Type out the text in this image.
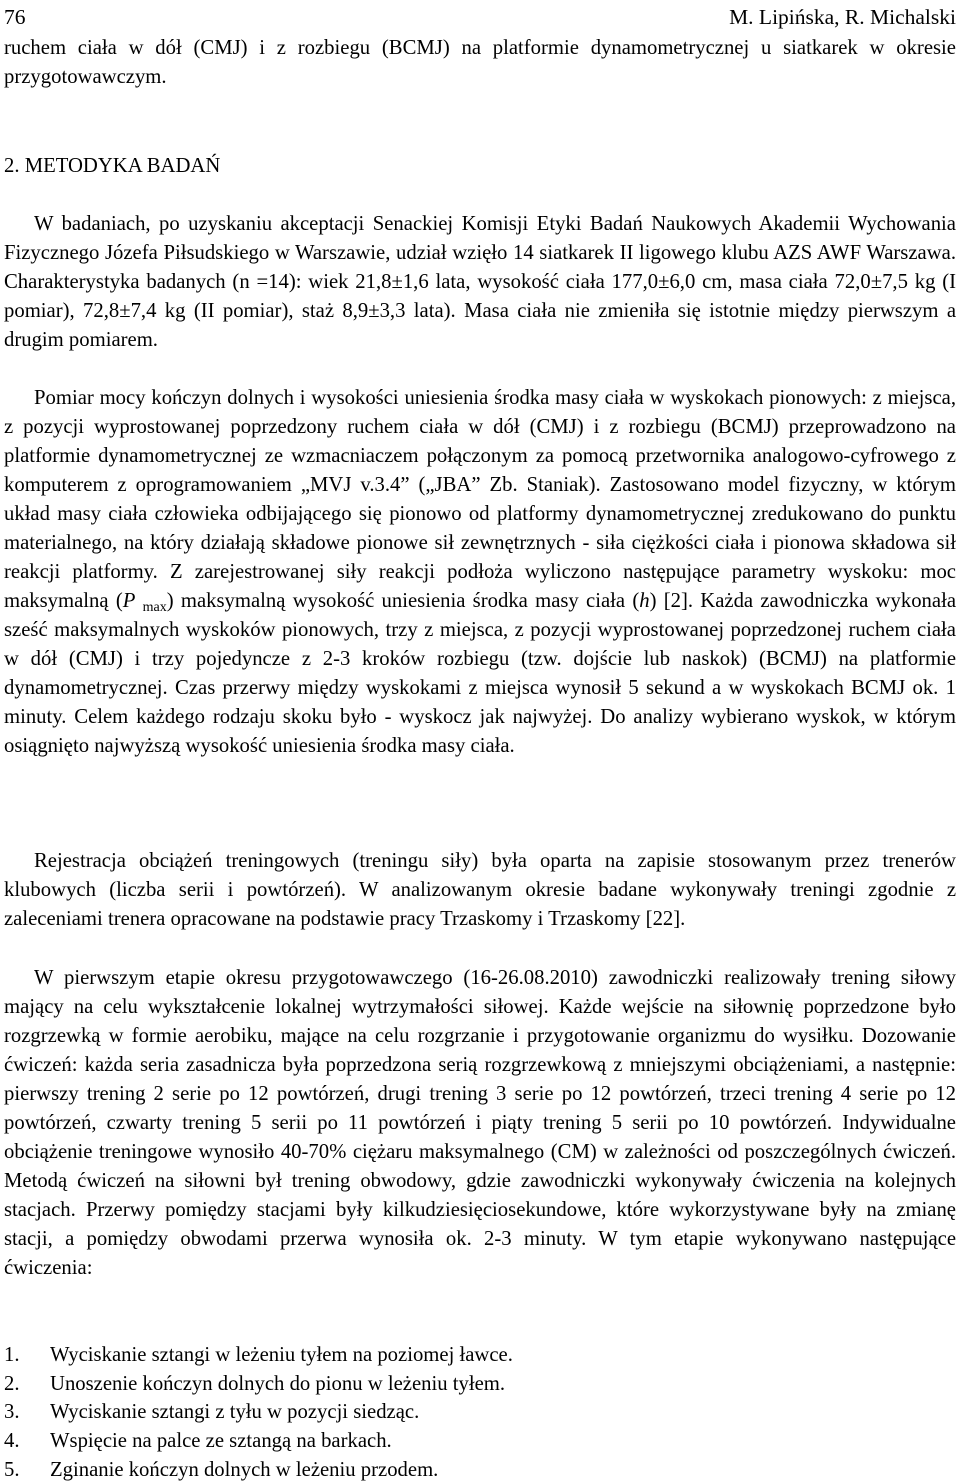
76	M. Lipińska, R. Michalski
ruchem ciała w dół (CMJ) i z rozbiegu (BCMJ) na platformie dynamometrycznej u siatkarek w okresie przygotowawczym.
2. METODYKA BADAŃ
W badaniach, po uzyskaniu akceptacji Senackiej Komisji Etyki Badań Naukowych Akademii Wychowania Fizycznego Józefa Piłsudskiego w Warszawie, udział wzięło 14 siatkarek II ligowego klubu AZS AWF Warszawa. Charakterystyka badanych (n =14): wiek 21,8±1,6 lata, wysokość ciała 177,0±6,0 cm, masa ciała 72,0±7,5 kg (I pomiar), 72,8±7,4 kg (II pomiar), staż 8,9±3,3 lata). Masa ciała nie zmieniła się istotnie między pierwszym a drugim pomiarem.
Pomiar mocy kończyn dolnych i wysokości uniesienia środka masy ciała w wyskokach pionowych: z miejsca, z pozycji wyprostowanej poprzedzony ruchem ciała w dół (CMJ) i z rozbiegu (BCMJ) przeprowadzono na platformie dynamometrycznej ze wzmacniaczem połączonym za pomocą przetwornika analogowo-cyfrowego z komputerem z oprogramowaniem „MVJ v.3.4” („JBA” Zb. Staniak). Zastosowano model fizyczny, w którym układ masy ciała człowieka odbijającego się pionowo od platformy dynamometrycznej zredukowano do punktu materialnego, na który działają składowe pionowe sił zewnętrznych - siła ciężkości ciała i pionowa składowa sił reakcji platformy. Z zarejestrowanej siły reakcji podłoża wyliczono następujące parametry wyskoku: moc maksymalną (P $_{max}$) maksymalną wysokość uniesienia środka masy ciała (h) [2]. Każda zawodniczka wykonała sześć maksymalnych wyskoków pionowych, trzy z miejsca, z pozycji wyprostowanej poprzedzonej ruchem ciała w dół (CMJ) i trzy pojedyncze z 2-3 kroków rozbiegu (tzw. dojście lub naskok) (BCMJ) na platformie dynamometrycznej. Czas przerwy między wyskokami z miejsca wynosił 5 sekund a w wyskokach BCMJ ok. 1 minuty. Celem każdego rodzaju skoku było - wyskocz jak najwyżej. Do analizy wybierano wyskok, w którym osiągnięto najwyższą wysokość uniesienia środka masy ciała.
Rejestracja obciążeń treningowych (treningu siły) była oparta na zapisie stosowanym przez trenerów klubowych (liczba serii i powtórzeń). W analizowanym okresie badane wykonywały treningi zgodnie z zaleceniami trenera opracowane na podstawie pracy Trzaskomy i Trzaskomy [22].
W pierwszym etapie okresu przygotowawczego (16-26.08.2010) zawodniczki realizowały trening siłowy mający na celu wykształcenie lokalnej wytrzymałości siłowej. Każde wejście na siłownię poprzedzone było rozgrzewką w formie aerobiku, mające na celu rozgrzanie i przygotowanie organizmu do wysiłku. Dozowanie ćwiczeń: każda seria zasadnicza była poprzedzona serią rozgrzewkową z mniejszymi obciążeniami, a następnie: pierwszy trening 2 serie po 12 powtórzeń, drugi trening 3 serie po 12 powtórzeń, trzeci trening 4 serie po 12 powtórzeń, czwarty trening 5 serii po 11 powtórzeń i piąty trening 5 serii po 10 powtórzeń. Indywidualne obciążenie treningowe wynosiło 40-70% ciężaru maksymalnego (CM) w zależności od poszczególnych ćwiczeń. Metodą ćwiczeń na siłowni był trening obwodowy, gdzie zawodniczki wykonywały ćwiczenia na kolejnych stacjach. Przerwy pomiędzy stacjami były kilkudziesięciosekundowe, które wykorzystywane były na zmianę stacji, a pomiędzy obwodami przerwa wynosiła ok. 2-3 minuty. W tym etapie wykonywano następujące ćwiczenia:
1. Wyciskanie sztangi w leżeniu tyłem na poziomej ławce.
2. Unoszenie kończyn dolnych do pionu w leżeniu tyłem.
3. Wyciskanie sztangi z tyłu w pozycji siedząc.
4. Wspięcie na palce ze sztangą na barkach.
5. Zginanie kończyn dolnych w leżeniu przodem.
